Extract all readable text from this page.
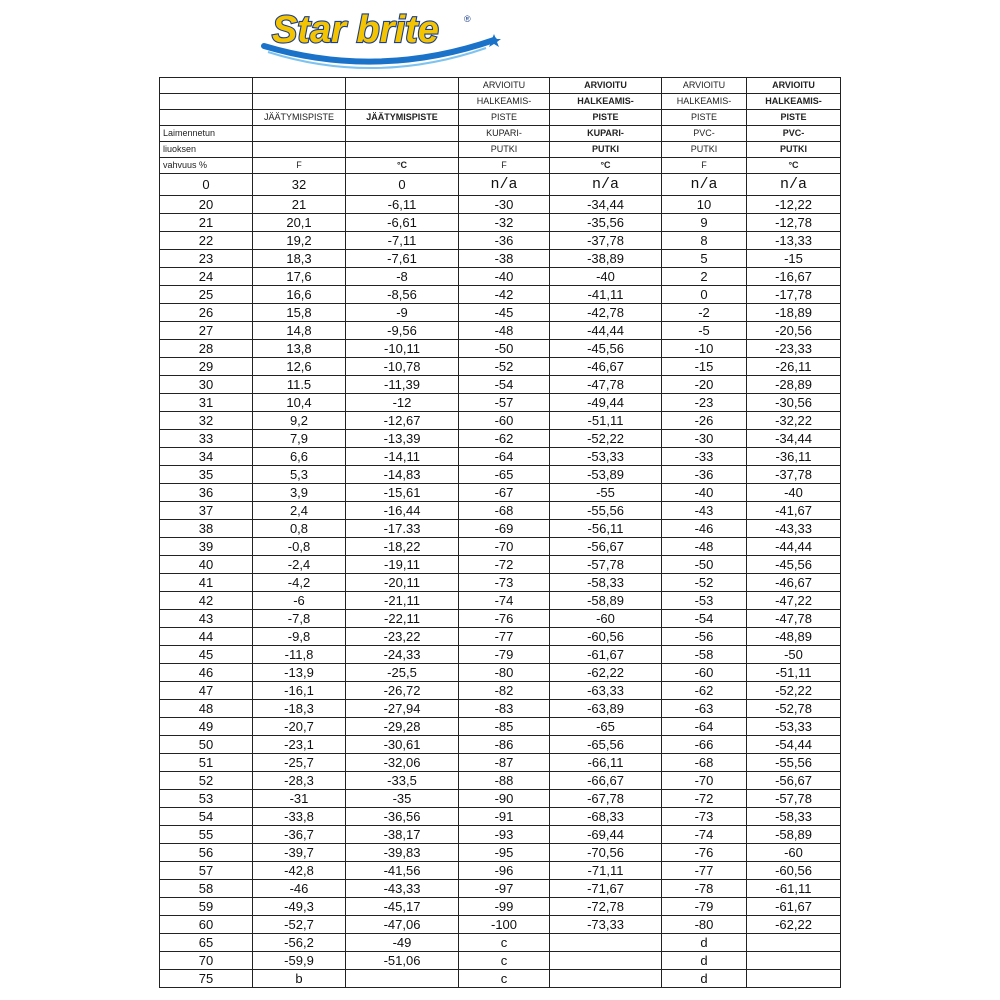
Star brite	®
			ARVIOITU	ARVIOITU	ARVIOITU	ARVIOITU
			HALKEAMIS-	HALKEAMIS-	HALKEAMIS-	HALKEAMIS-
	JÄÄTYMISPISTE	JÄÄTYMISPISTE	PISTE	PISTE	PISTE	PISTE
Laimennetun			KUPARI-	KUPARI-	PVC-	PVC-
liuoksen			PUTKI	PUTKI	PUTKI	PUTKI
vahvuus %	F	°C	F	°C	F	°C
0	32	0	n/a	n/a	n/a	n/a
20	21	-6,11	-30	-34,44	10	-12,22
21	20,1	-6,61	-32	-35,56	9	-12,78
22	19,2	-7,11	-36	-37,78	8	-13,33
23	18,3	-7,61	-38	-38,89	5	-15
24	17,6	-8	-40	-40	2	-16,67
25	16,6	-8,56	-42	-41,11	0	-17,78
26	15,8	-9	-45	-42,78	-2	-18,89
27	14,8	-9,56	-48	-44,44	-5	-20,56
28	13,8	-10,11	-50	-45,56	-10	-23,33
29	12,6	-10,78	-52	-46,67	-15	-26,11
30	11.5	-11,39	-54	-47,78	-20	-28,89
31	10,4	-12	-57	-49,44	-23	-30,56
32	9,2	-12,67	-60	-51,11	-26	-32,22
33	7,9	-13,39	-62	-52,22	-30	-34,44
34	6,6	-14,11	-64	-53,33	-33	-36,11
35	5,3	-14,83	-65	-53,89	-36	-37,78
36	3,9	-15,61	-67	-55	-40	-40
37	2,4	-16,44	-68	-55,56	-43	-41,67
38	0,8	-17.33	-69	-56,11	-46	-43,33
39	-0,8	-18,22	-70	-56,67	-48	-44,44
40	-2,4	-19,11	-72	-57,78	-50	-45,56
41	-4,2	-20,11	-73	-58,33	-52	-46,67
42	-6	-21,11	-74	-58,89	-53	-47,22
43	-7,8	-22,11	-76	-60	-54	-47,78
44	-9,8	-23,22	-77	-60,56	-56	-48,89
45	-11,8	-24,33	-79	-61,67	-58	-50
46	-13,9	-25,5	-80	-62,22	-60	-51,11
47	-16,1	-26,72	-82	-63,33	-62	-52,22
48	-18,3	-27,94	-83	-63,89	-63	-52,78
49	-20,7	-29,28	-85	-65	-64	-53,33
50	-23,1	-30,61	-86	-65,56	-66	-54,44
51	-25,7	-32,06	-87	-66,11	-68	-55,56
52	-28,3	-33,5	-88	-66,67	-70	-56,67
53	-31	-35	-90	-67,78	-72	-57,78
54	-33,8	-36,56	-91	-68,33	-73	-58,33
55	-36,7	-38,17	-93	-69,44	-74	-58,89
56	-39,7	-39,83	-95	-70,56	-76	-60
57	-42,8	-41,56	-96	-71,11	-77	-60,56
58	-46	-43,33	-97	-71,67	-78	-61,11
59	-49,3	-45,17	-99	-72,78	-79	-61,67
60	-52,7	-47,06	-100	-73,33	-80	-62,22
65	-56,2	-49	c		d	
70	-59,9	-51,06	c		d	
75	b		c		d	
